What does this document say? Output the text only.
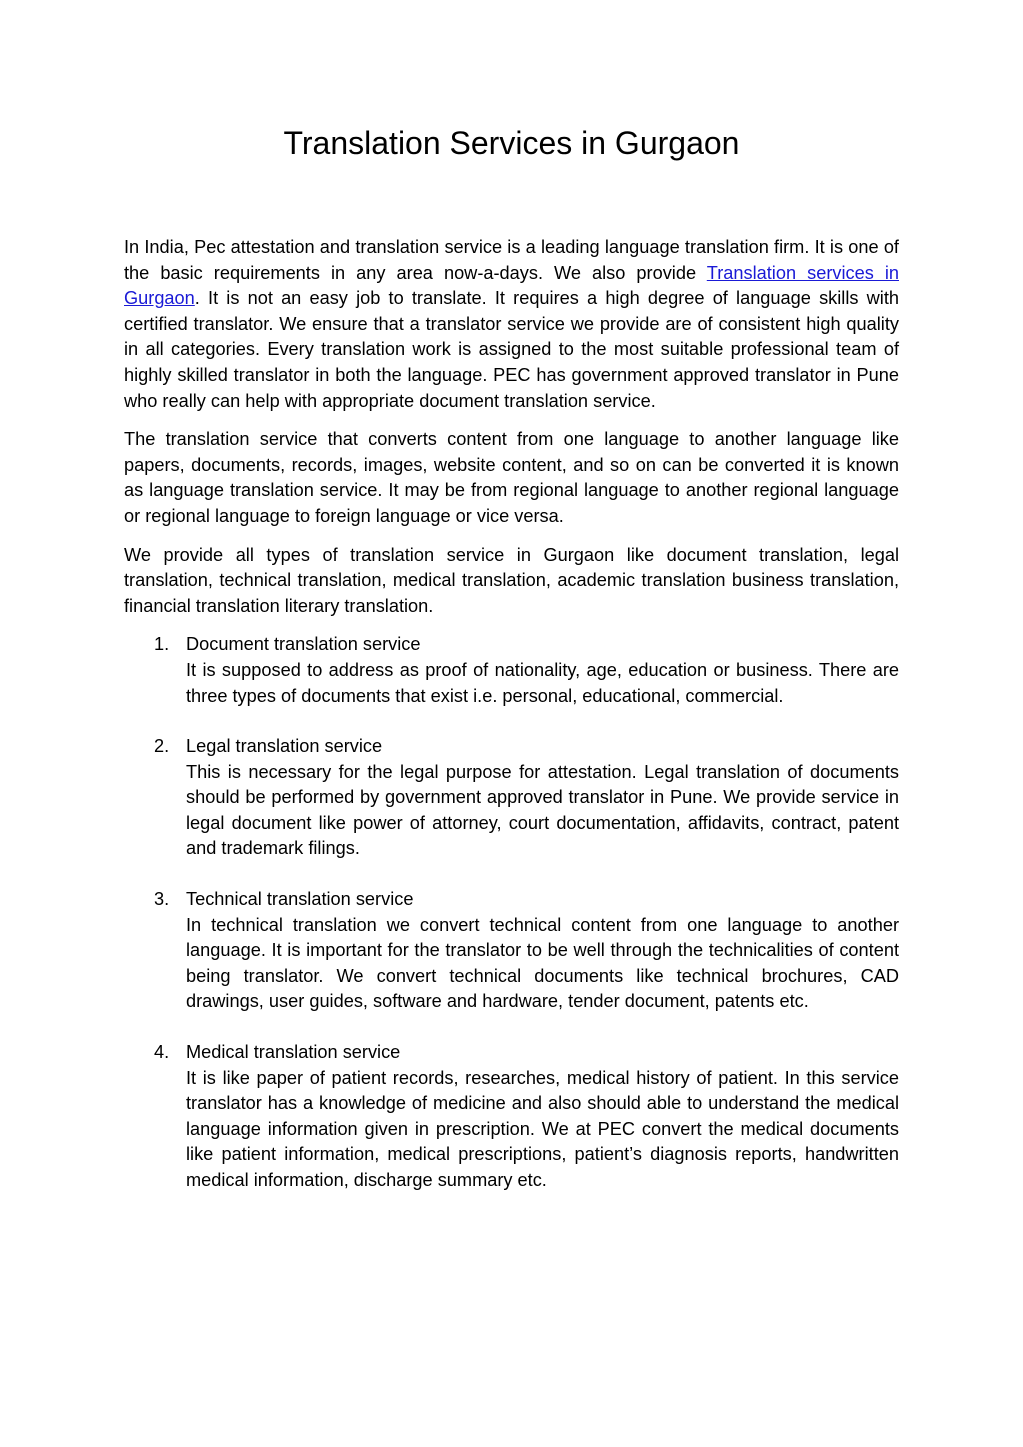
Translation Services in Gurgaon

In India, Pec attestation and translation service is a leading language translation firm. It is one of the basic requirements in any area now-a-days. We also provide Translation services in Gurgaon. It is not an easy job to translate. It requires a high degree of language skills with certified translator. We ensure that a translator service we provide are of consistent high quality in all categories. Every translation work is assigned to the most suitable professional team of highly skilled translator in both the language. PEC has government approved translator in Pune who really can help with appropriate document translation service.

The translation service that converts content from one language to another language like papers, documents, records, images, website content, and so on can be converted it is known as language translation service. It may be from regional language to another regional language or regional language to foreign language or vice versa.

We provide all types of translation service in Gurgaon like document translation, legal translation, technical translation, medical translation, academic translation business translation, financial translation literary translation.

1. Document translation service
It is supposed to address as proof of nationality, age, education or business. There are three types of documents that exist i.e. personal, educational, commercial.
2. Legal translation service
This is necessary for the legal purpose for attestation. Legal translation of documents should be performed by government approved translator in Pune. We provide service in legal document like power of attorney, court documentation, affidavits, contract, patent and trademark filings.
3. Technical translation service
In technical translation we convert technical content from one language to another language. It is important for the translator to be well through the technicalities of content being translator. We convert technical documents like technical brochures, CAD drawings, user guides, software and hardware, tender document, patents etc.
4. Medical translation service
It is like paper of patient records, researches, medical history of patient. In this service translator has a knowledge of medicine and also should able to understand the medical language information given in prescription. We at PEC convert the medical documents like patient information, medical prescriptions, patient’s diagnosis reports, handwritten medical information, discharge summary etc.
